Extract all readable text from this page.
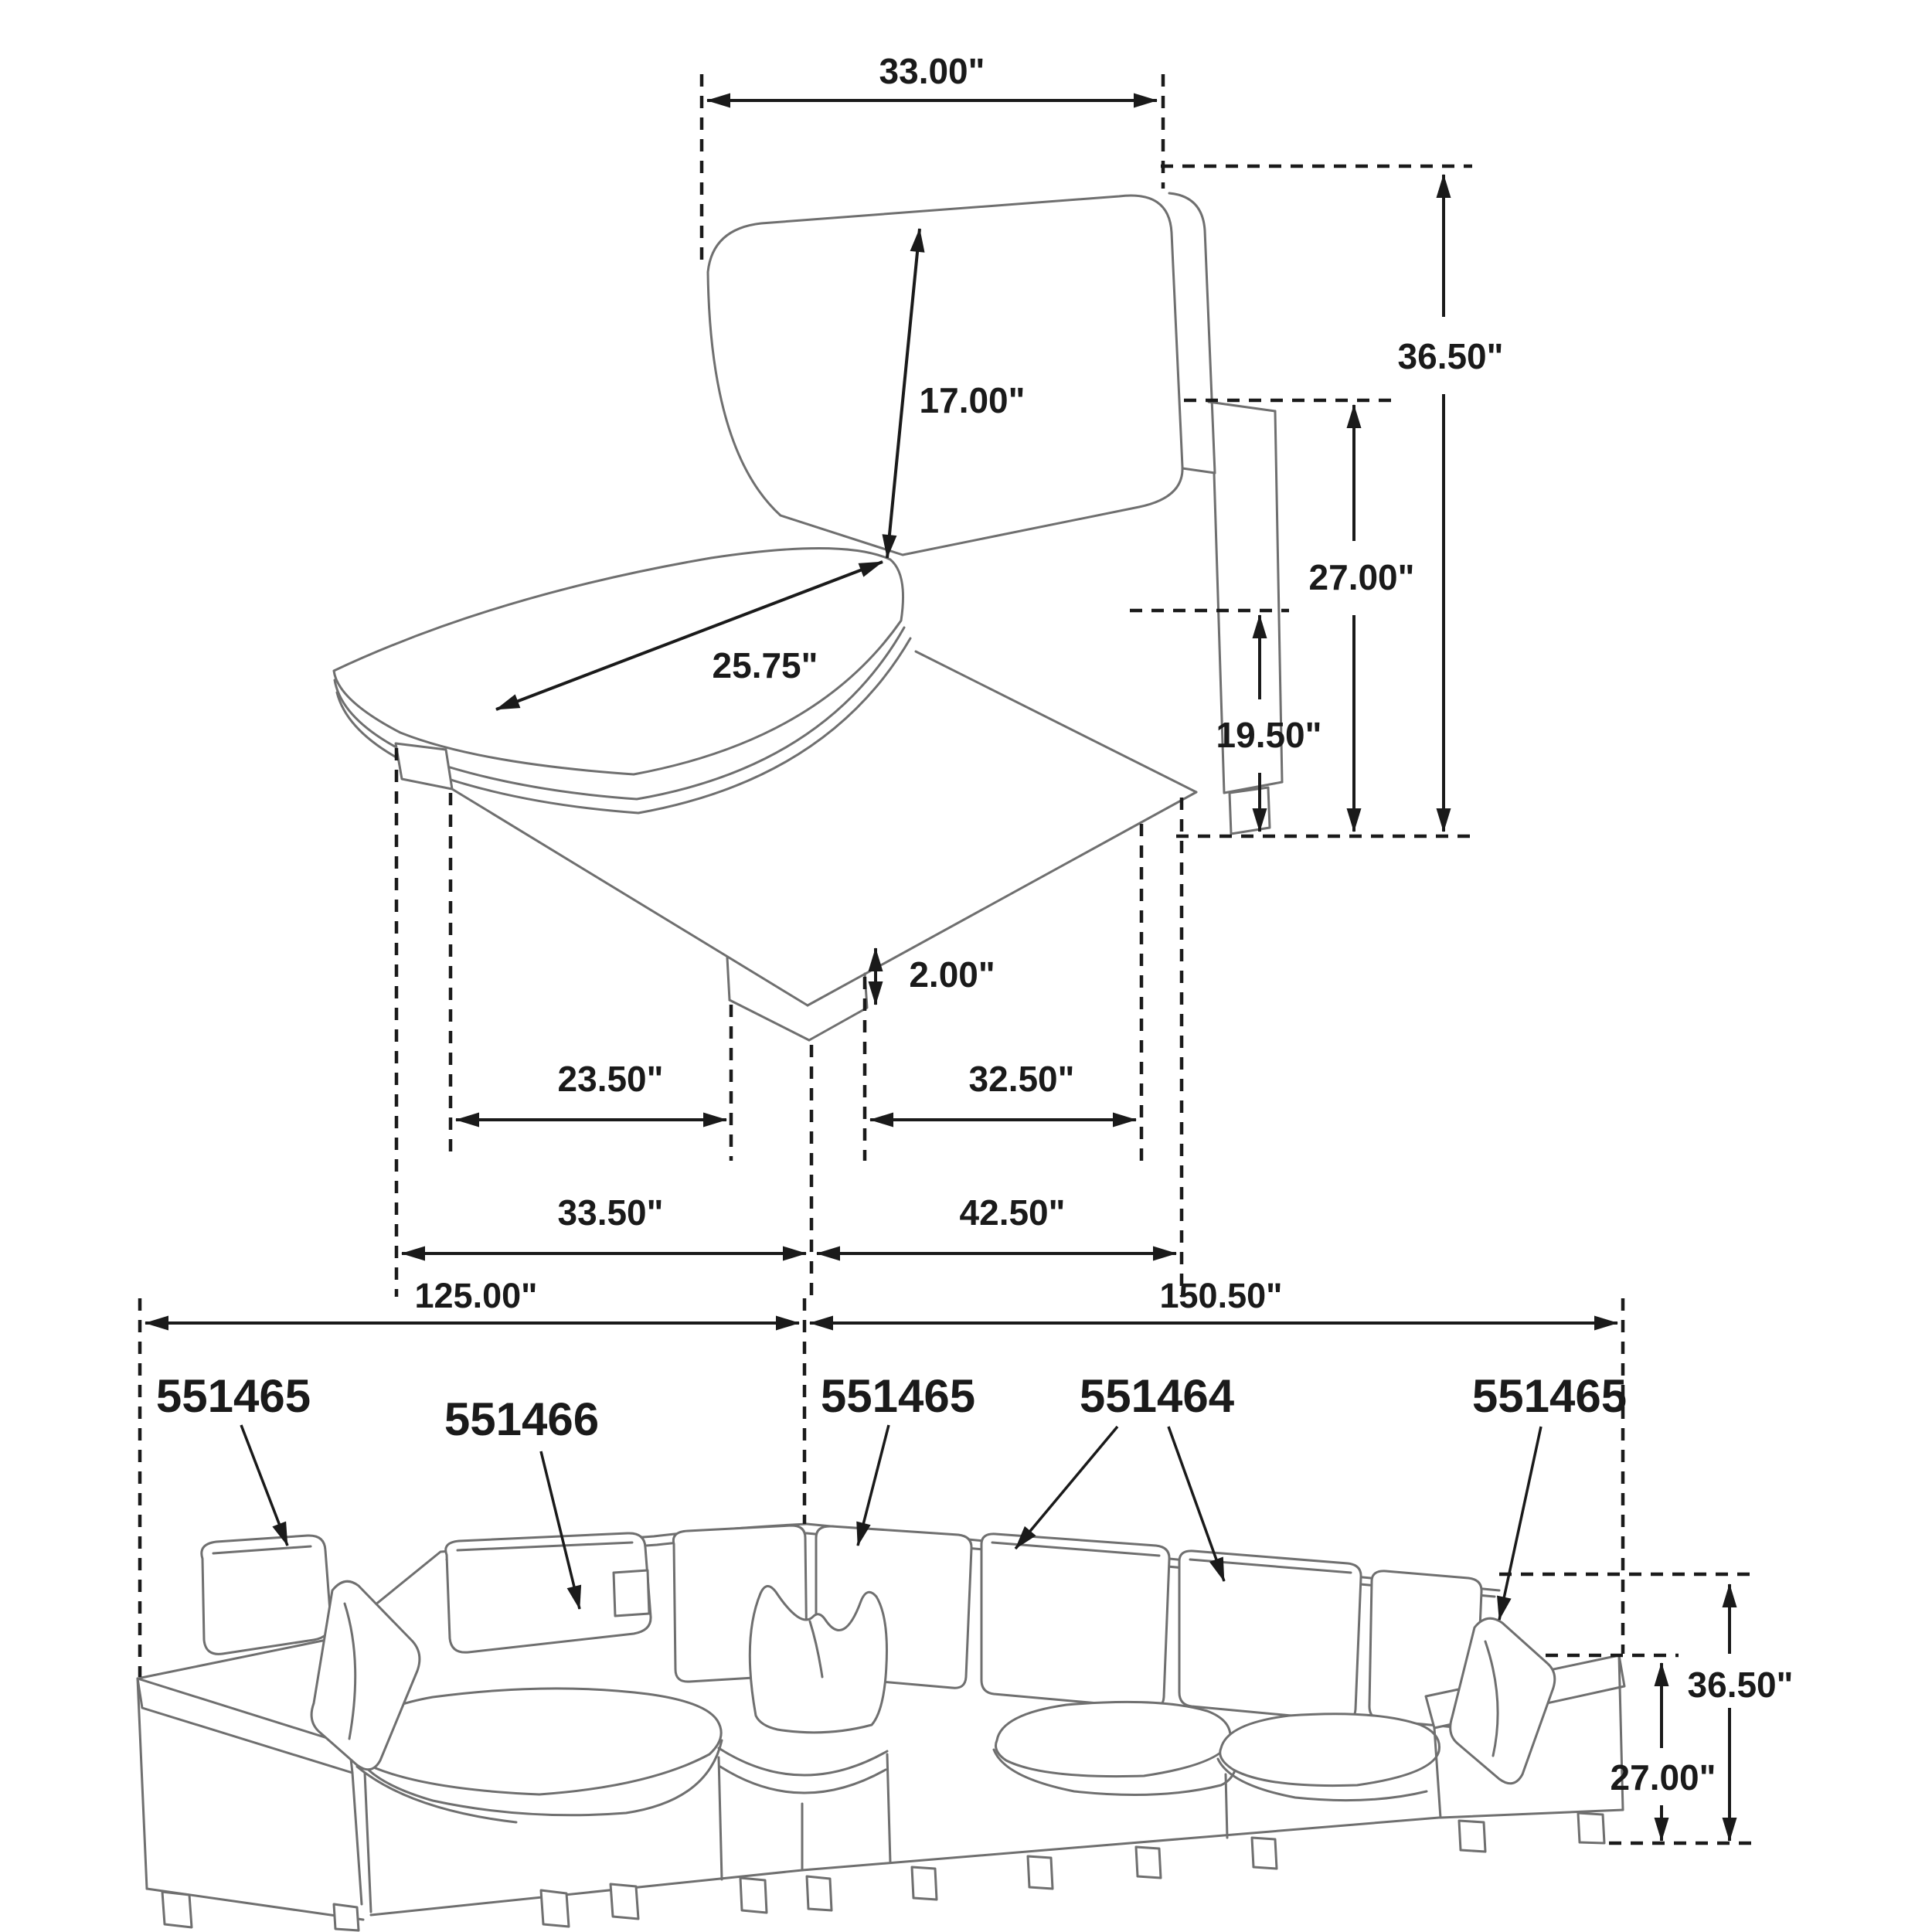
33.00"
17.00"
25.75"
36.50"
27.00"
19.50"
2.00"
23.50"	32.50"
33.50"	42.50"
125.00"	150.50"
36.50"
27.00"
551465	551466	551465 551464	551465
